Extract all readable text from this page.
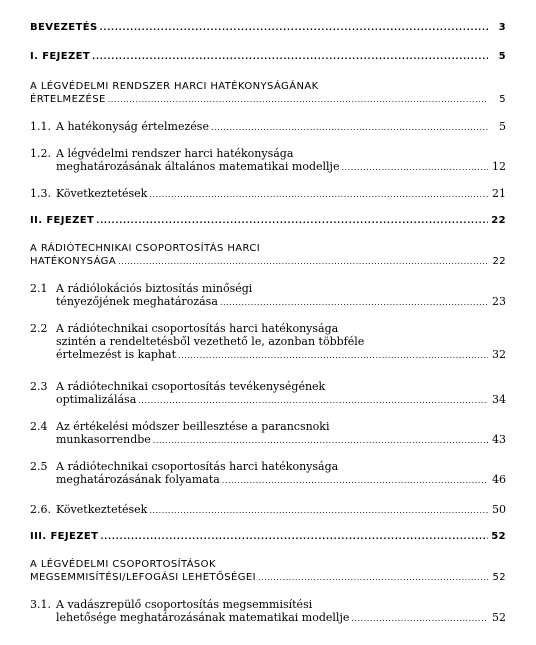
BEVEZETÉS . . .	3
I. FEJEZET . . .	5
A LÉGVÉDELMI RENDSZER HARCI HATÉKONYSÁGÁNAK
ÉRTELMEZÉSE . . .	5
1.1. A hatékonyság értelmezése . . .	5
1.2. A légvédelmi rendszer harci hatékonysága
meghatározásának általános matematikai modellje . . .	12
1.3. Következtetések . . .	21
II. FEJEZET . . .	22
A RÁDIÓTECHNIKAI CSOPORTOSÍTÁS HARCI
HATÉKONYSÁGA . . .	22
2.1 A rádiólokációs biztosítás minőségi
tényezőjének meghatározása . . .	23
2.2 A rádiótechnikai csoportosítás harci hatékonysága
szintén a rendeltetésből vezethető le, azonban többféle
értelmezést is kaphat . . .	32
2.3 A rádiótechnikai csoportosítás tevékenységének
optimalizálása . . .	34
2.4 Az értékelési módszer beillesztése a parancsnoki
munkasorrendbe . . .	43
2.5 A rádiótechnikai csoportosítás harci hatékonysága
meghatározásának folyamata . . .	46
2.6. Következtetések . . .	50
III. FEJEZET . . .	52
A LÉGVÉDELMI CSOPORTOSÍTÁSOK
MEGSEMMISÍTÉSI/LEFOGÁSI LEHETŐSÉGEI . . .	52
3.1. A vadászrepülő csoportosítás megsemmisítési
lehetősége meghatározásának matematikai modellje . . .	52
